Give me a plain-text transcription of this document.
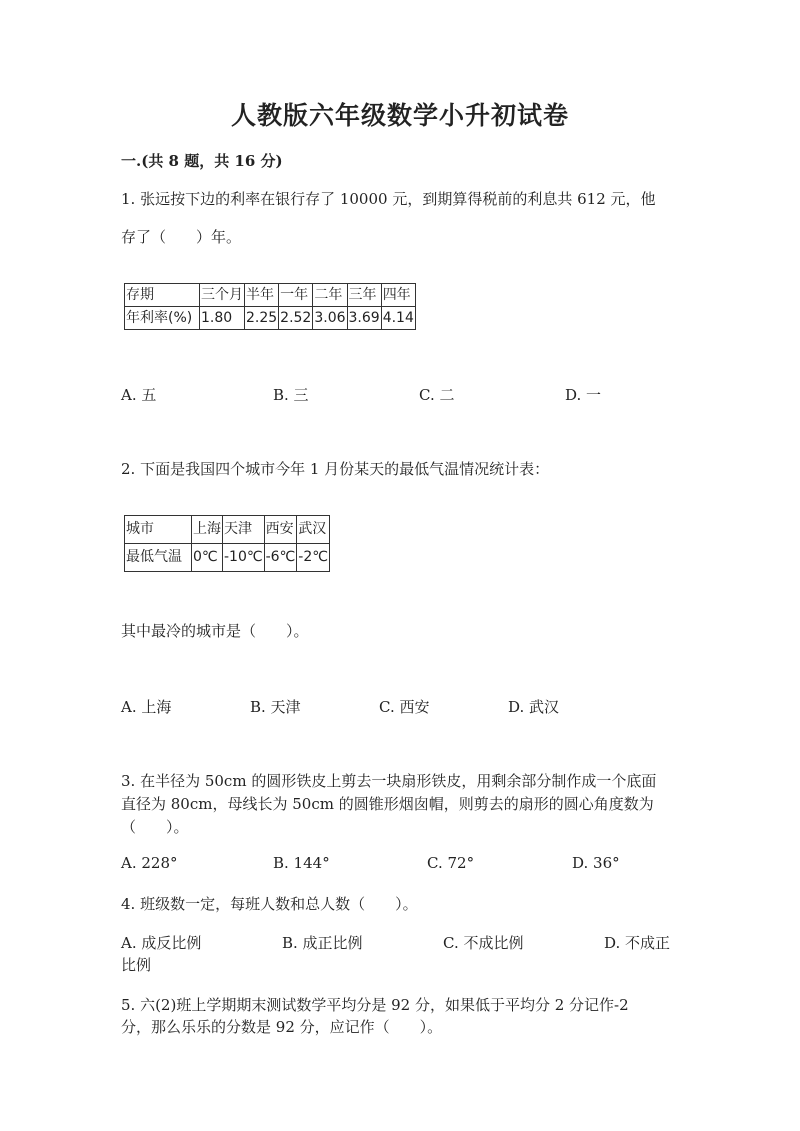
人教版六年级数学小升初试卷
一.(共 8 题，共 16 分)
1. 张远按下边的利率在银行存了 10000 元，到期算得税前的利息共 612 元，他
存了（　　）年。
存期	三个月	半年	一年	二年	三年	四年
年利率(%)	1.80	2.25	2.52	3.06	3.69	4.14
A. 五	B. 三	C. 二	D. 一
2. 下面是我国四个城市今年 1 月份某天的最低气温情况统计表：
城市	上海	天津	西安	武汉
最低气温	0℃	-10℃	-6℃	-2℃
其中最冷的城市是（　　）。
A. 上海	B. 天津	C. 西安	D. 武汉
3. 在半径为 50cm 的圆形铁皮上剪去一块扇形铁皮，用剩余部分制作成一个底面
直径为 80cm，母线长为 50cm 的圆锥形烟囱帽，则剪去的扇形的圆心角度数为
（　　）。
A. 228°	B. 144°	C. 72°	D. 36°
4. 班级数一定，每班人数和总人数（　　）。
A. 成反比例	B. 成正比例	C. 不成比例	D. 不成正
比例
5. 六(2)班上学期期末测试数学平均分是 92 分，如果低于平均分 2 分记作-2
分，那么乐乐的分数是 92 分，应记作（　　）。
